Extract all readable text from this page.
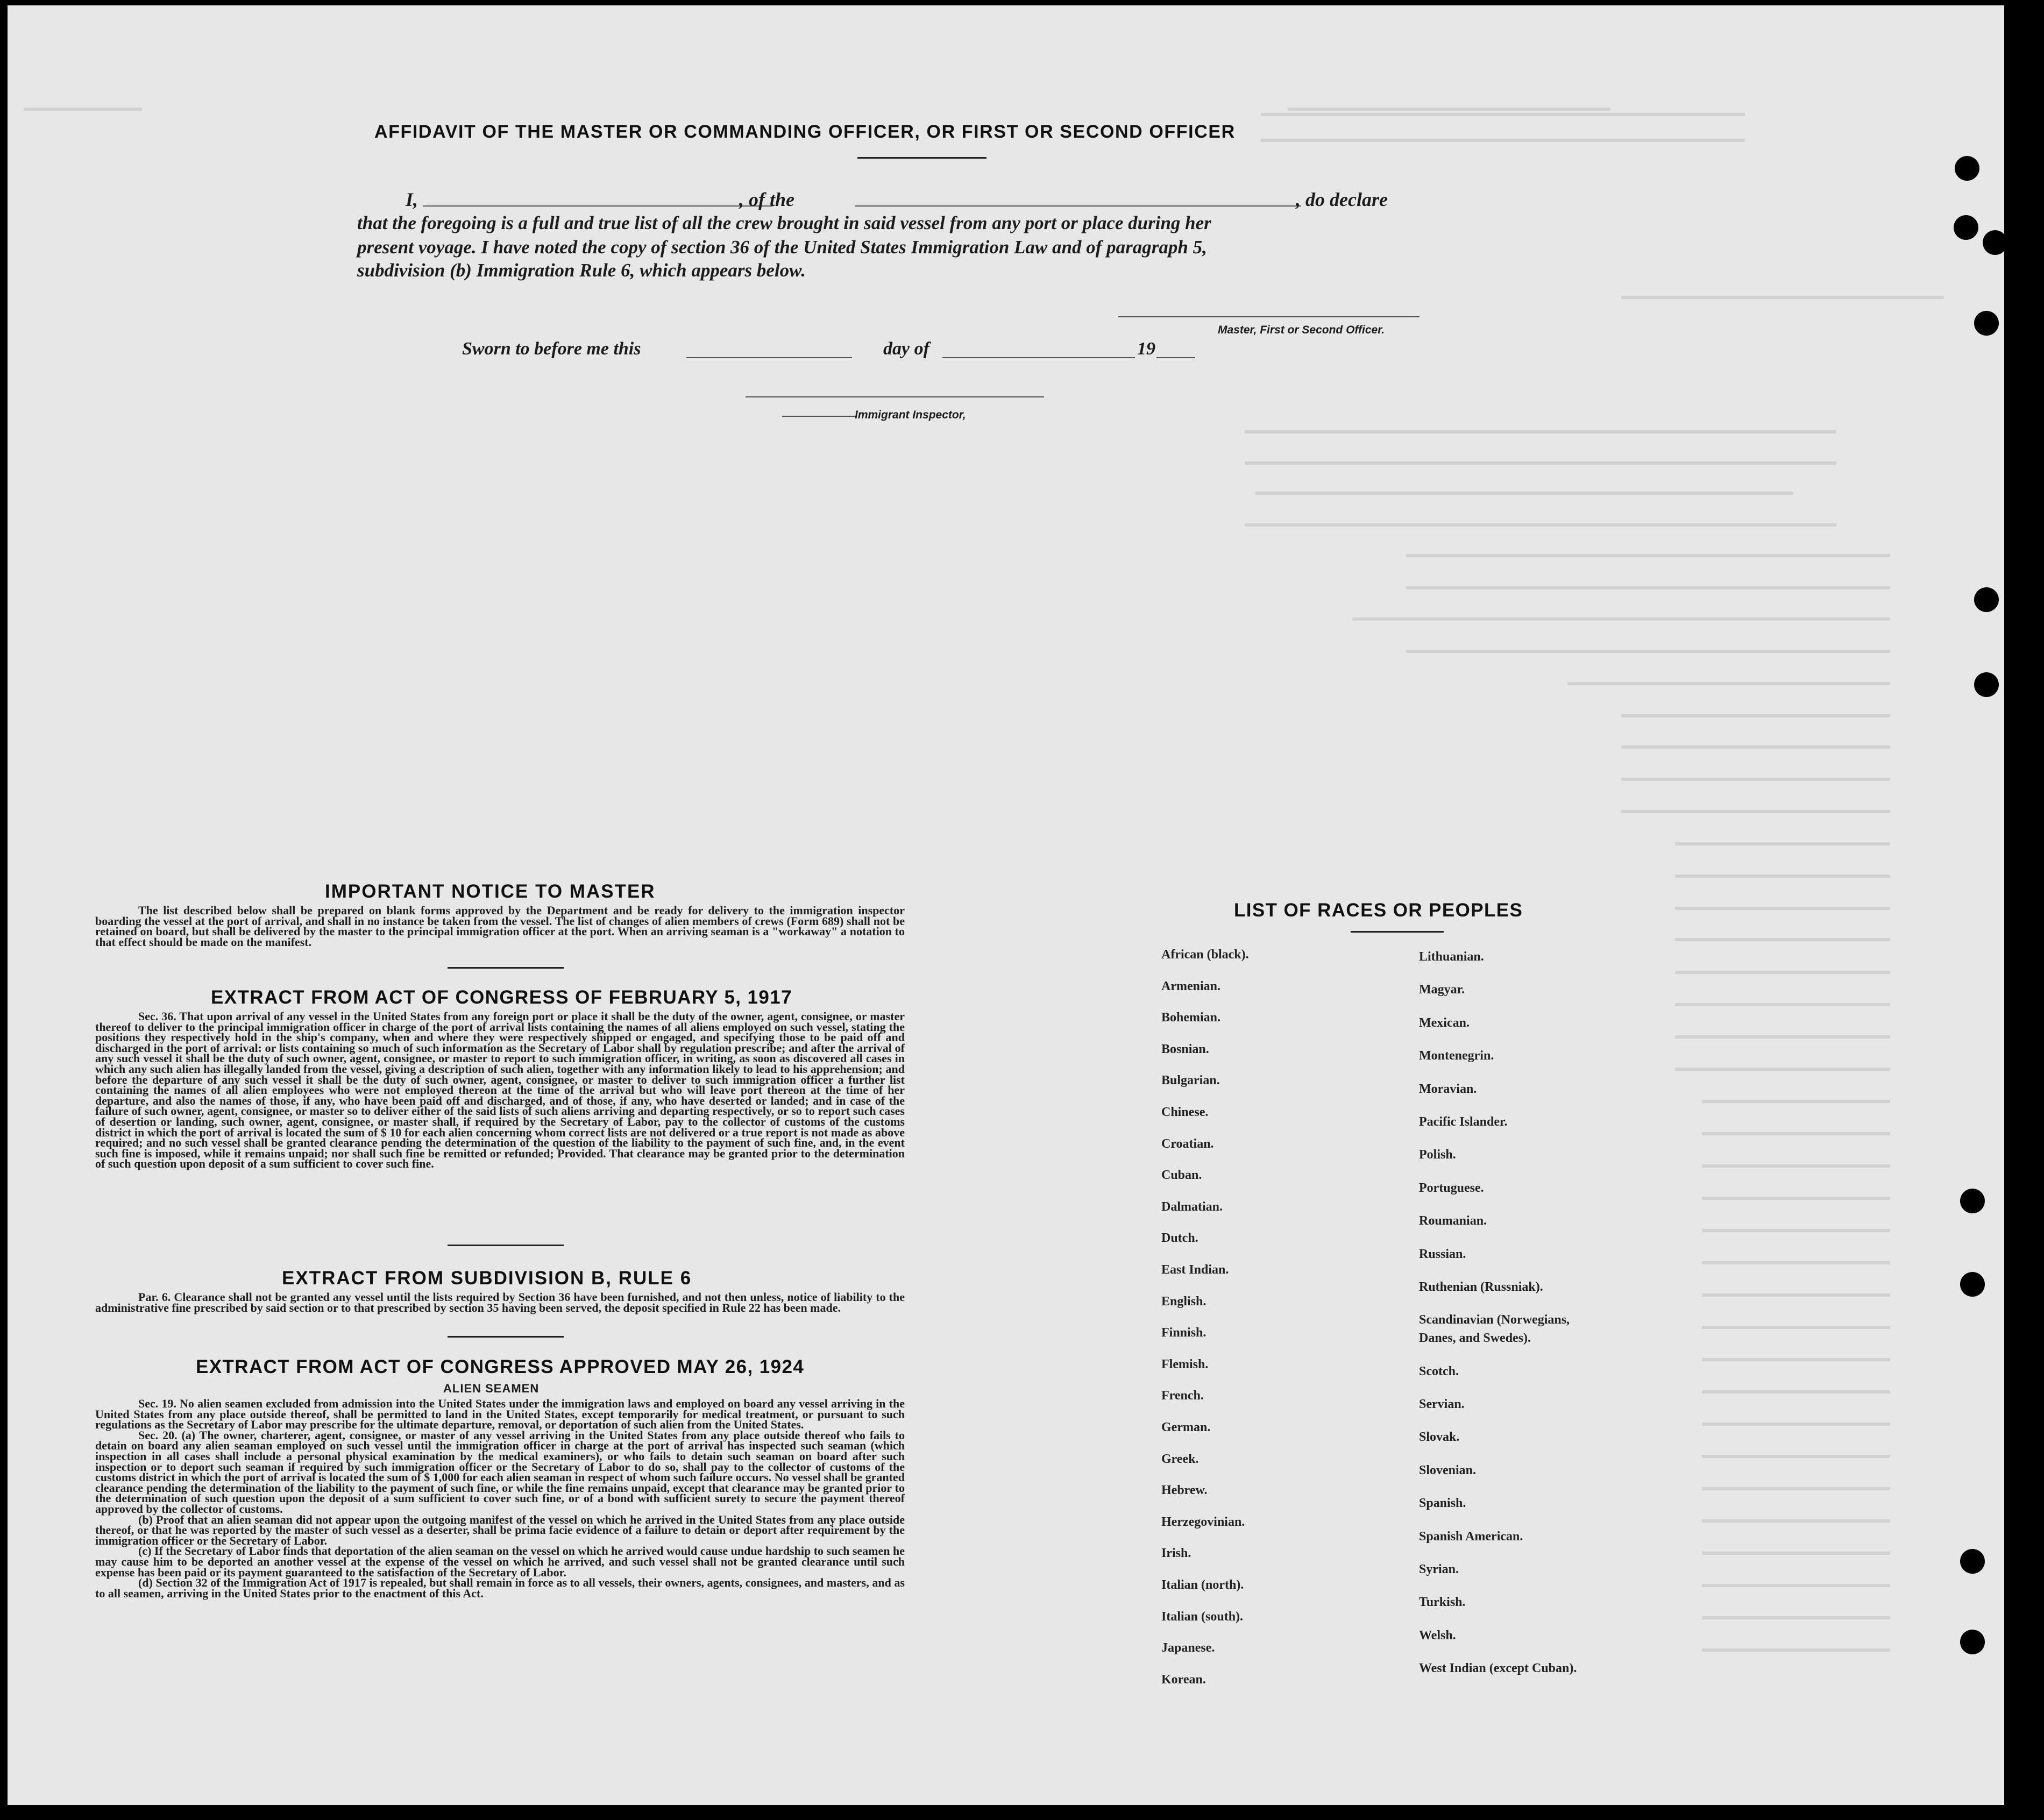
AFFIDAVIT OF THE MASTER OR COMMANDING OFFICER, OR FIRST OR SECOND OFFICER
I,	, of the	, do declare
that the foregoing is a full and true list of all the crew brought in said vessel from any port or place during her
present voyage. I have noted the copy of section 36 of the United States Immigration Law and of paragraph 5,
subdivision (b) Immigration Rule 6, which appears below.
Master, First or Second Officer.
Sworn to before me this	day of	19
Immigrant Inspector,
IMPORTANT NOTICE TO MASTER

The list described below shall be prepared on blank forms approved by the Department and be ready for delivery to the immigration inspector boarding the vessel at the port of arrival, and shall in no instance be taken from the vessel. The list of changes of alien members of crews (Form 689) shall not be retained on board, but shall be delivered by the master to the principal immigration officer at the port. When an arriving seaman is a "workaway" a notation to that effect should be made on the manifest.

EXTRACT FROM ACT OF CONGRESS OF FEBRUARY 5, 1917

Sec. 36. That upon arrival of any vessel in the United States from any foreign port or place it shall be the duty of the owner, agent, consignee, or master thereof to deliver to the principal immigration officer in charge of the port of arrival lists containing the names of all aliens employed on such vessel, stating the positions they respectively hold in the ship's company, when and where they were respectively shipped or engaged, and specifying those to be paid off and discharged in the port of arrival: or lists containing so much of such information as the Secretary of Labor shall by regulation prescribe; and after the arrival of any such vessel it shall be the duty of such owner, agent, consignee, or master to report to such immigration officer, in writing, as soon as discovered all cases in which any such alien has illegally landed from the vessel, giving a description of such alien, together with any information likely to lead to his apprehension; and before the departure of any such vessel it shall be the duty of such owner, agent, consignee, or master to deliver to such immigration officer a further list containing the names of all alien employees who were not employed thereon at the time of the arrival but who will leave port thereon at the time of her departure, and also the names of those, if any, who have been paid off and discharged, and of those, if any, who have deserted or landed; and in case of the failure of such owner, agent, consignee, or master so to deliver either of the said lists of such aliens arriving and departing respectively, or so to report such cases of desertion or landing, such owner, agent, consignee, or master shall, if required by the Secretary of Labor, pay to the collector of customs of the customs district in which the port of arrival is located the sum of $ 10 for each alien concerning whom correct lists are not delivered or a true report is not made as above required; and no such vessel shall be granted clearance pending the determination of the question of the liability to the payment of such fine, and, in the event such fine is imposed, while it remains unpaid; nor shall such fine be remitted or refunded; Provided. That clearance may be granted prior to the determination of such question upon deposit of a sum sufficient to cover such fine.

EXTRACT FROM SUBDIVISION B, RULE 6

Par. 6. Clearance shall not be granted any vessel until the lists required by Section 36 have been furnished, and not then unless, notice of liability to the administrative fine prescribed by said section or to that prescribed by section 35 having been served, the deposit specified in Rule 22 has been made.

EXTRACT FROM ACT OF CONGRESS APPROVED MAY 26, 1924
ALIEN SEAMEN

Sec. 19. No alien seamen excluded from admission into the United States under the immigration laws and employed on board any vessel arriving in the United States from any place outside thereof, shall be permitted to land in the United States, except temporarily for medical treatment, or pursuant to such regulations as the Secretary of Labor may prescribe for the ultimate departure, removal, or deportation of such alien from the United States.

Sec. 20. (a) The owner, charterer, agent, consignee, or master of any vessel arriving in the United States from any place outside thereof who fails to detain on board any alien seaman employed on such vessel until the immigration officer in charge at the port of arrival has inspected such seaman (which inspection in all cases shall include a personal physical examination by the medical examiners), or who fails to detain such seaman on board after such inspection or to deport such seaman if required by such immigration officer or the Secretary of Labor to do so, shall pay to the collector of customs of the customs district in which the port of arrival is located the sum of $ 1,000 for each alien seaman in respect of whom such failure occurs. No vessel shall be granted clearance pending the determination of the liability to the payment of such fine, or while the fine remains unpaid, except that clearance may be granted prior to the determination of such question upon the deposit of a sum sufficient to cover such fine, or of a bond with sufficient surety to secure the payment thereof approved by the collector of customs.

(b) Proof that an alien seaman did not appear upon the outgoing manifest of the vessel on which he arrived in the United States from any place outside thereof, or that he was reported by the master of such vessel as a deserter, shall be prima facie evidence of a failure to detain or deport after requirement by the immigration officer or the Secretary of Labor.

(c) If the Secretary of Labor finds that deportation of the alien seaman on the vessel on which he arrived would cause undue hardship to such seamen he may cause him to be deported an another vessel at the expense of the vessel on which he arrived, and such vessel shall not be granted clearance until such expense has been paid or its payment guaranteed to the satisfaction of the Secretary of Labor.

(d) Section 32 of the Immigration Act of 1917 is repealed, but shall remain in force as to all vessels, their owners, agents, consignees, and masters, and as to all seamen, arriving in the United States prior to the enactment of this Act.

LIST OF RACES OR PEOPLES
African (black).
Armenian.
Bohemian.
Bosnian.
Bulgarian.
Chinese.
Croatian.
Cuban.
Dalmatian.
Dutch.
East Indian.
English.
Finnish.
Flemish.
French.
German.
Greek.
Hebrew.
Herzegovinian.
Irish.
Italian (north).
Italian (south).
Japanese.
Korean.
Lithuanian.
Magyar.
Mexican.
Montenegrin.
Moravian.
Pacific Islander.
Polish.
Portuguese.
Roumanian.
Russian.
Ruthenian (Russniak).
Scandinavian (Norwegians,
Danes, and Swedes).
Scotch.
Servian.
Slovak.
Slovenian.
Spanish.
Spanish American.
Syrian.
Turkish.
Welsh.
West Indian (except Cuban).
